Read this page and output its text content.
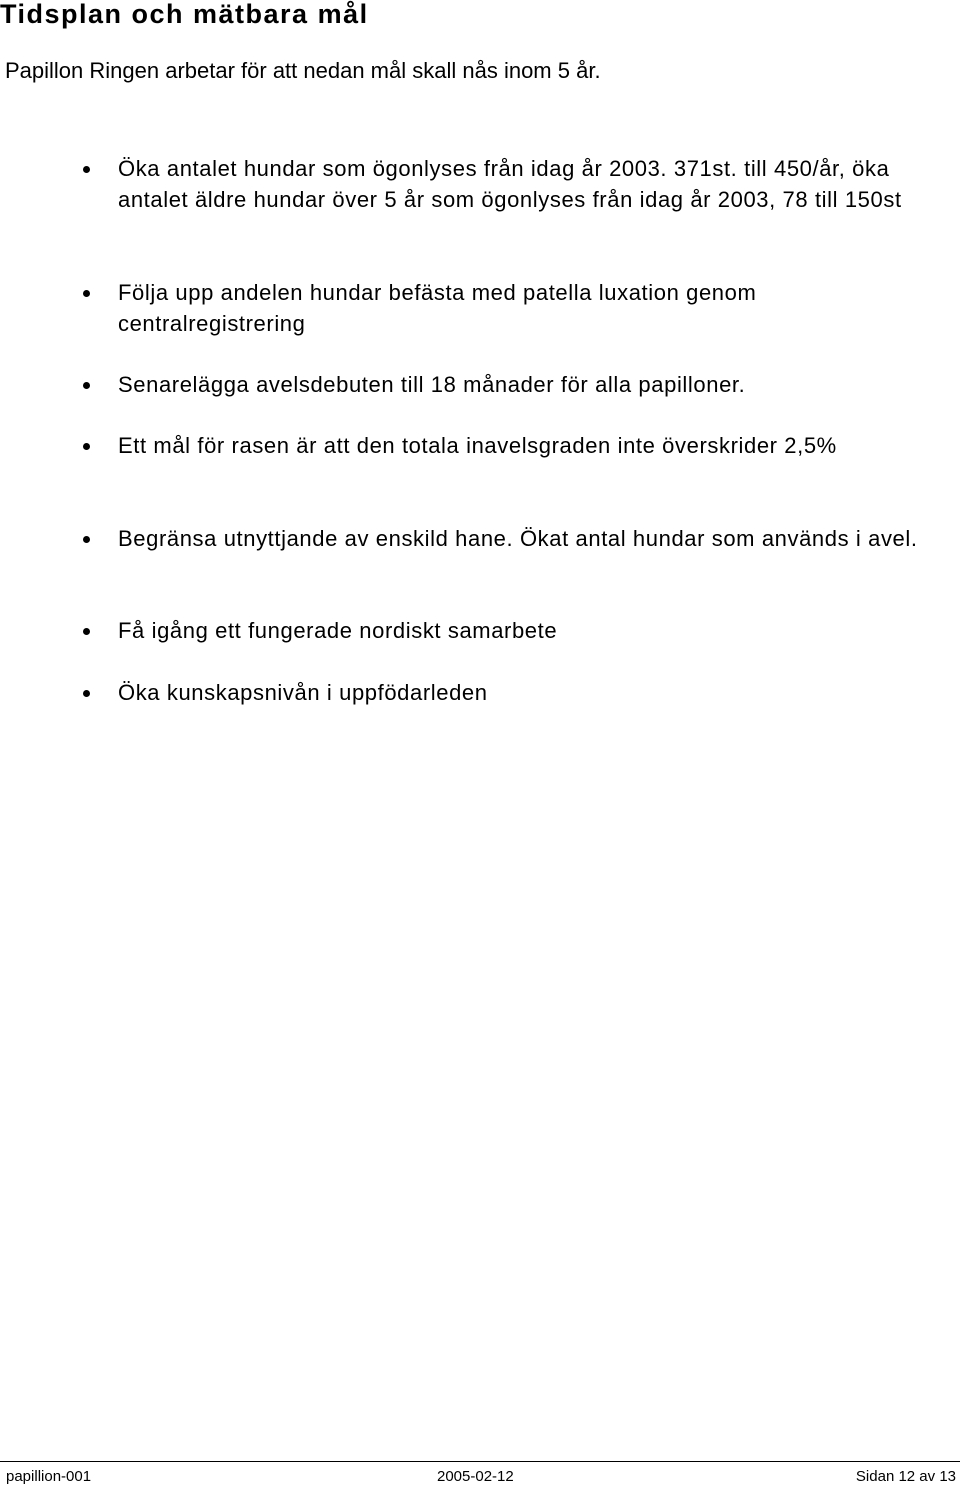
Tidsplan och mätbara mål

Papillon Ringen arbetar för att nedan mål skall nås inom 5 år.

Öka antalet hundar som ögonlyses från idag år 2003. 371st. till 450/år, öka antalet äldre hundar över 5 år som ögonlyses från idag år 2003, 78 till 150st
Följa upp andelen hundar befästa med patella luxation genom centralregistrering
Senarelägga avelsdebuten till 18 månader för alla papilloner.
Ett mål för rasen är att den totala inavelsgraden inte överskrider 2,5%
Begränsa utnyttjande av enskild hane. Ökat antal hundar som används i avel.
Få igång ett fungerade nordiskt samarbete
Öka kunskapsnivån i uppfödarleden
papillion-001	2005-02-12	Sidan 12 av 13
